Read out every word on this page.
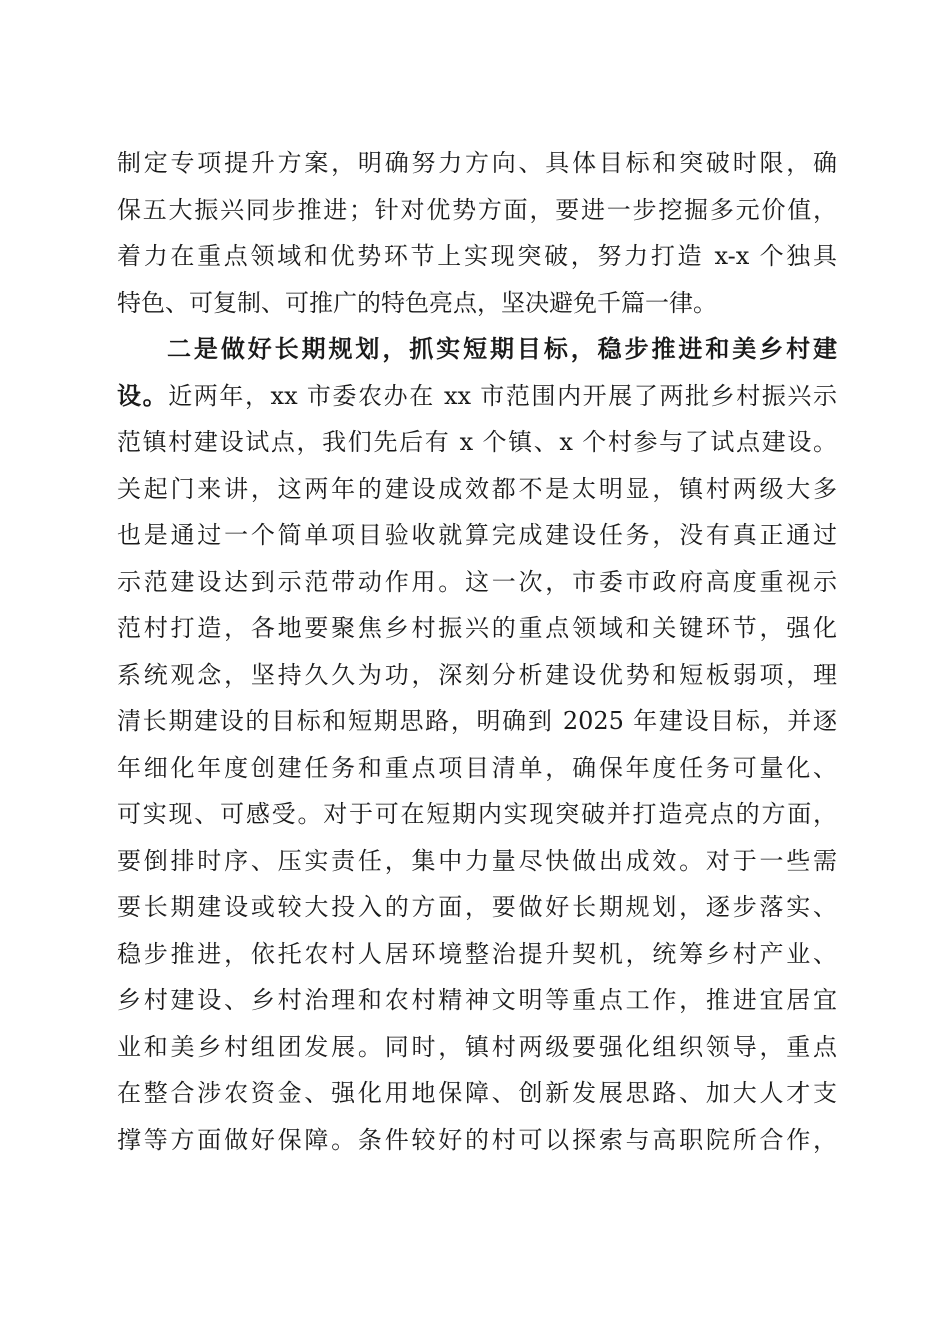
制定专项提升方案，明确努力方向、具体目标和突破时限，确
保五大振兴同步推进；针对优势方面，要进一步挖掘多元价值，
着力在重点领域和优势环节上实现突破，努力打造 x-x 个独具
特色、可复制、可推广的特色亮点，坚决避免千篇一律。
二是做好长期规划，抓实短期目标，稳步推进和美乡村建
设。近两年，xx 市委农办在 xx 市范围内开展了两批乡村振兴示
范镇村建设试点，我们先后有 x 个镇、x 个村参与了试点建设。
关起门来讲，这两年的建设成效都不是太明显，镇村两级大多
也是通过一个简单项目验收就算完成建设任务，没有真正通过
示范建设达到示范带动作用。这一次，市委市政府高度重视示
范村打造，各地要聚焦乡村振兴的重点领域和关键环节，强化
系统观念，坚持久久为功，深刻分析建设优势和短板弱项，理
清长期建设的目标和短期思路，明确到 2025 年建设目标，并逐
年细化年度创建任务和重点项目清单，确保年度任务可量化、
可实现、可感受。对于可在短期内实现突破并打造亮点的方面，
要倒排时序、压实责任，集中力量尽快做出成效。对于一些需
要长期建设或较大投入的方面，要做好长期规划，逐步落实、
稳步推进，依托农村人居环境整治提升契机，统筹乡村产业、
乡村建设、乡村治理和农村精神文明等重点工作，推进宜居宜
业和美乡村组团发展。同时，镇村两级要强化组织领导，重点
在整合涉农资金、强化用地保障、创新发展思路、加大人才支
撑等方面做好保障。条件较好的村可以探索与高职院所合作，
